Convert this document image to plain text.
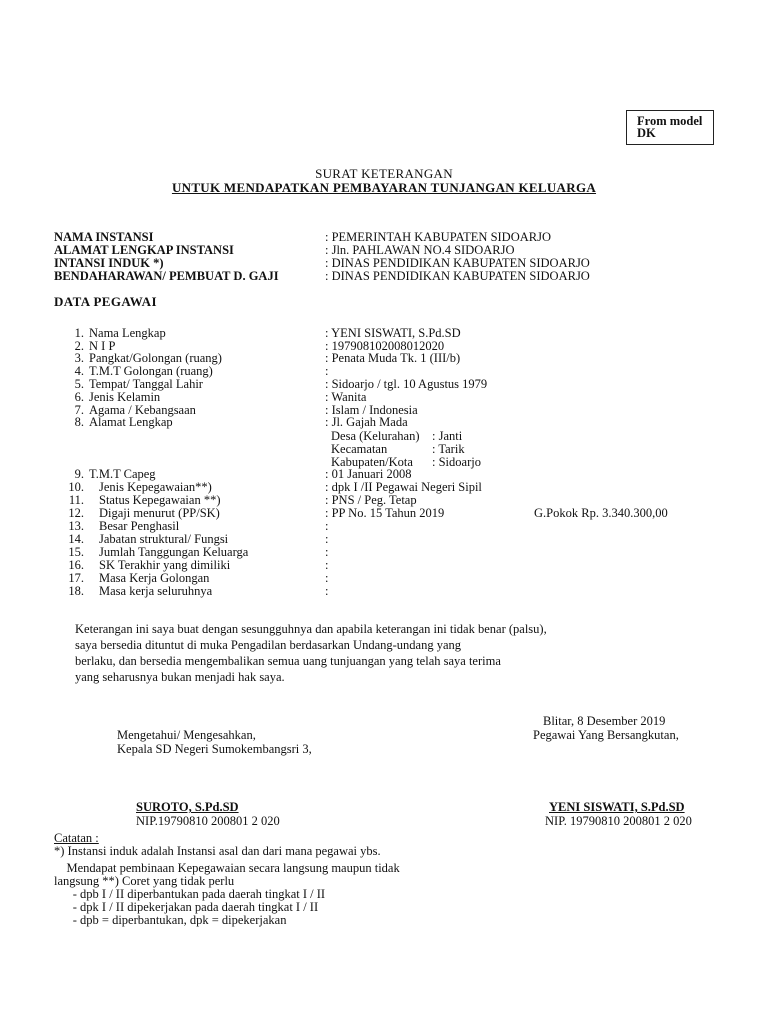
From model
DK
SURAT KETERANGAN
UNTUK MENDAPATKAN PEMBAYARAN TUNJANGAN KELUARGA
NAMA INSTANSI	: PEMERINTAH KABUPATEN SIDOARJO
ALAMAT LENGKAP INSTANSI	: Jln. PAHLAWAN NO.4 SIDOARJO
INTANSI INDUK *)	: DINAS PENDIDIKAN KABUPATEN SIDOARJO
BENDAHARAWAN/ PEMBUAT D. GAJI	: DINAS PENDIDIKAN KABUPATEN SIDOARJO
DATA PEGAWAI
1. Nama Lengkap	: YENI SISWATI, S.Pd.SD
2. N I P	: 197908102008012020
3. Pangkat/Golongan (ruang)	: Penata Muda Tk. 1 (III/b)
4. T.M.T Golongan (ruang)	:
5. Tempat/ Tanggal Lahir	: Sidoarjo / tgl. 10 Agustus 1979
6. Jenis Kelamin	: Wanita
7. Agama / Kebangsaan	: Islam / Indonesia
8. Alamat Lengkap	: Jl. Gajah Mada
Desa (Kelurahan) : Janti
Kecamatan	: Tarik
Kabupaten/Kota : Sidoarjo
9. T.M.T Capeg	: 01 Januari 2008
10. Jenis Kepegawaian**)	: dpk I /II Pegawai Negeri Sipil
11. Status Kepegawaian **)	: PNS / Peg. Tetap
12. Digaji menurut (PP/SK)	: PP No. 15 Tahun 2019	G.Pokok Rp. 3.340.300,00
13. Besar Penghasil	:
14. Jabatan struktural/ Fungsi	:
15. Jumlah Tanggungan Keluarga	:
16. SK Terakhir yang dimiliki	:
17. Masa Kerja Golongan	:
18. Masa kerja seluruhnya	:
Keterangan ini saya buat dengan sesungguhnya dan apabila keterangan ini tidak benar (palsu),
saya bersedia dituntut di muka Pengadilan berdasarkan Undang-undang yang
berlaku, dan bersedia mengembalikan semua uang tunjuangan yang telah saya terima
yang seharusnya bukan menjadi hak saya.
Blitar, 8 Desember 2019
Mengetahui/ Mengesahkan,
Kepala SD Negeri Sumokembangsri 3,
Pegawai Yang Bersangkutan,
SUROTO, S.Pd.SD
NIP.19790810 200801 2 020
YENI SISWATI, S.Pd.SD
NIP. 19790810 200801 2 020
Catatan :
*) Instansi induk adalah Instansi asal dan dari mana pegawai ybs.
Mendapat pembinaan Kepegawaian secara langsung maupun tidak
langsung **) Coret yang tidak perlu
- dpb I / II diperbantukan pada daerah tingkat I / II
- dpk I / II dipekerjakan pada daerah tingkat I / II
- dpb = diperbantukan, dpk = dipekerjakan
